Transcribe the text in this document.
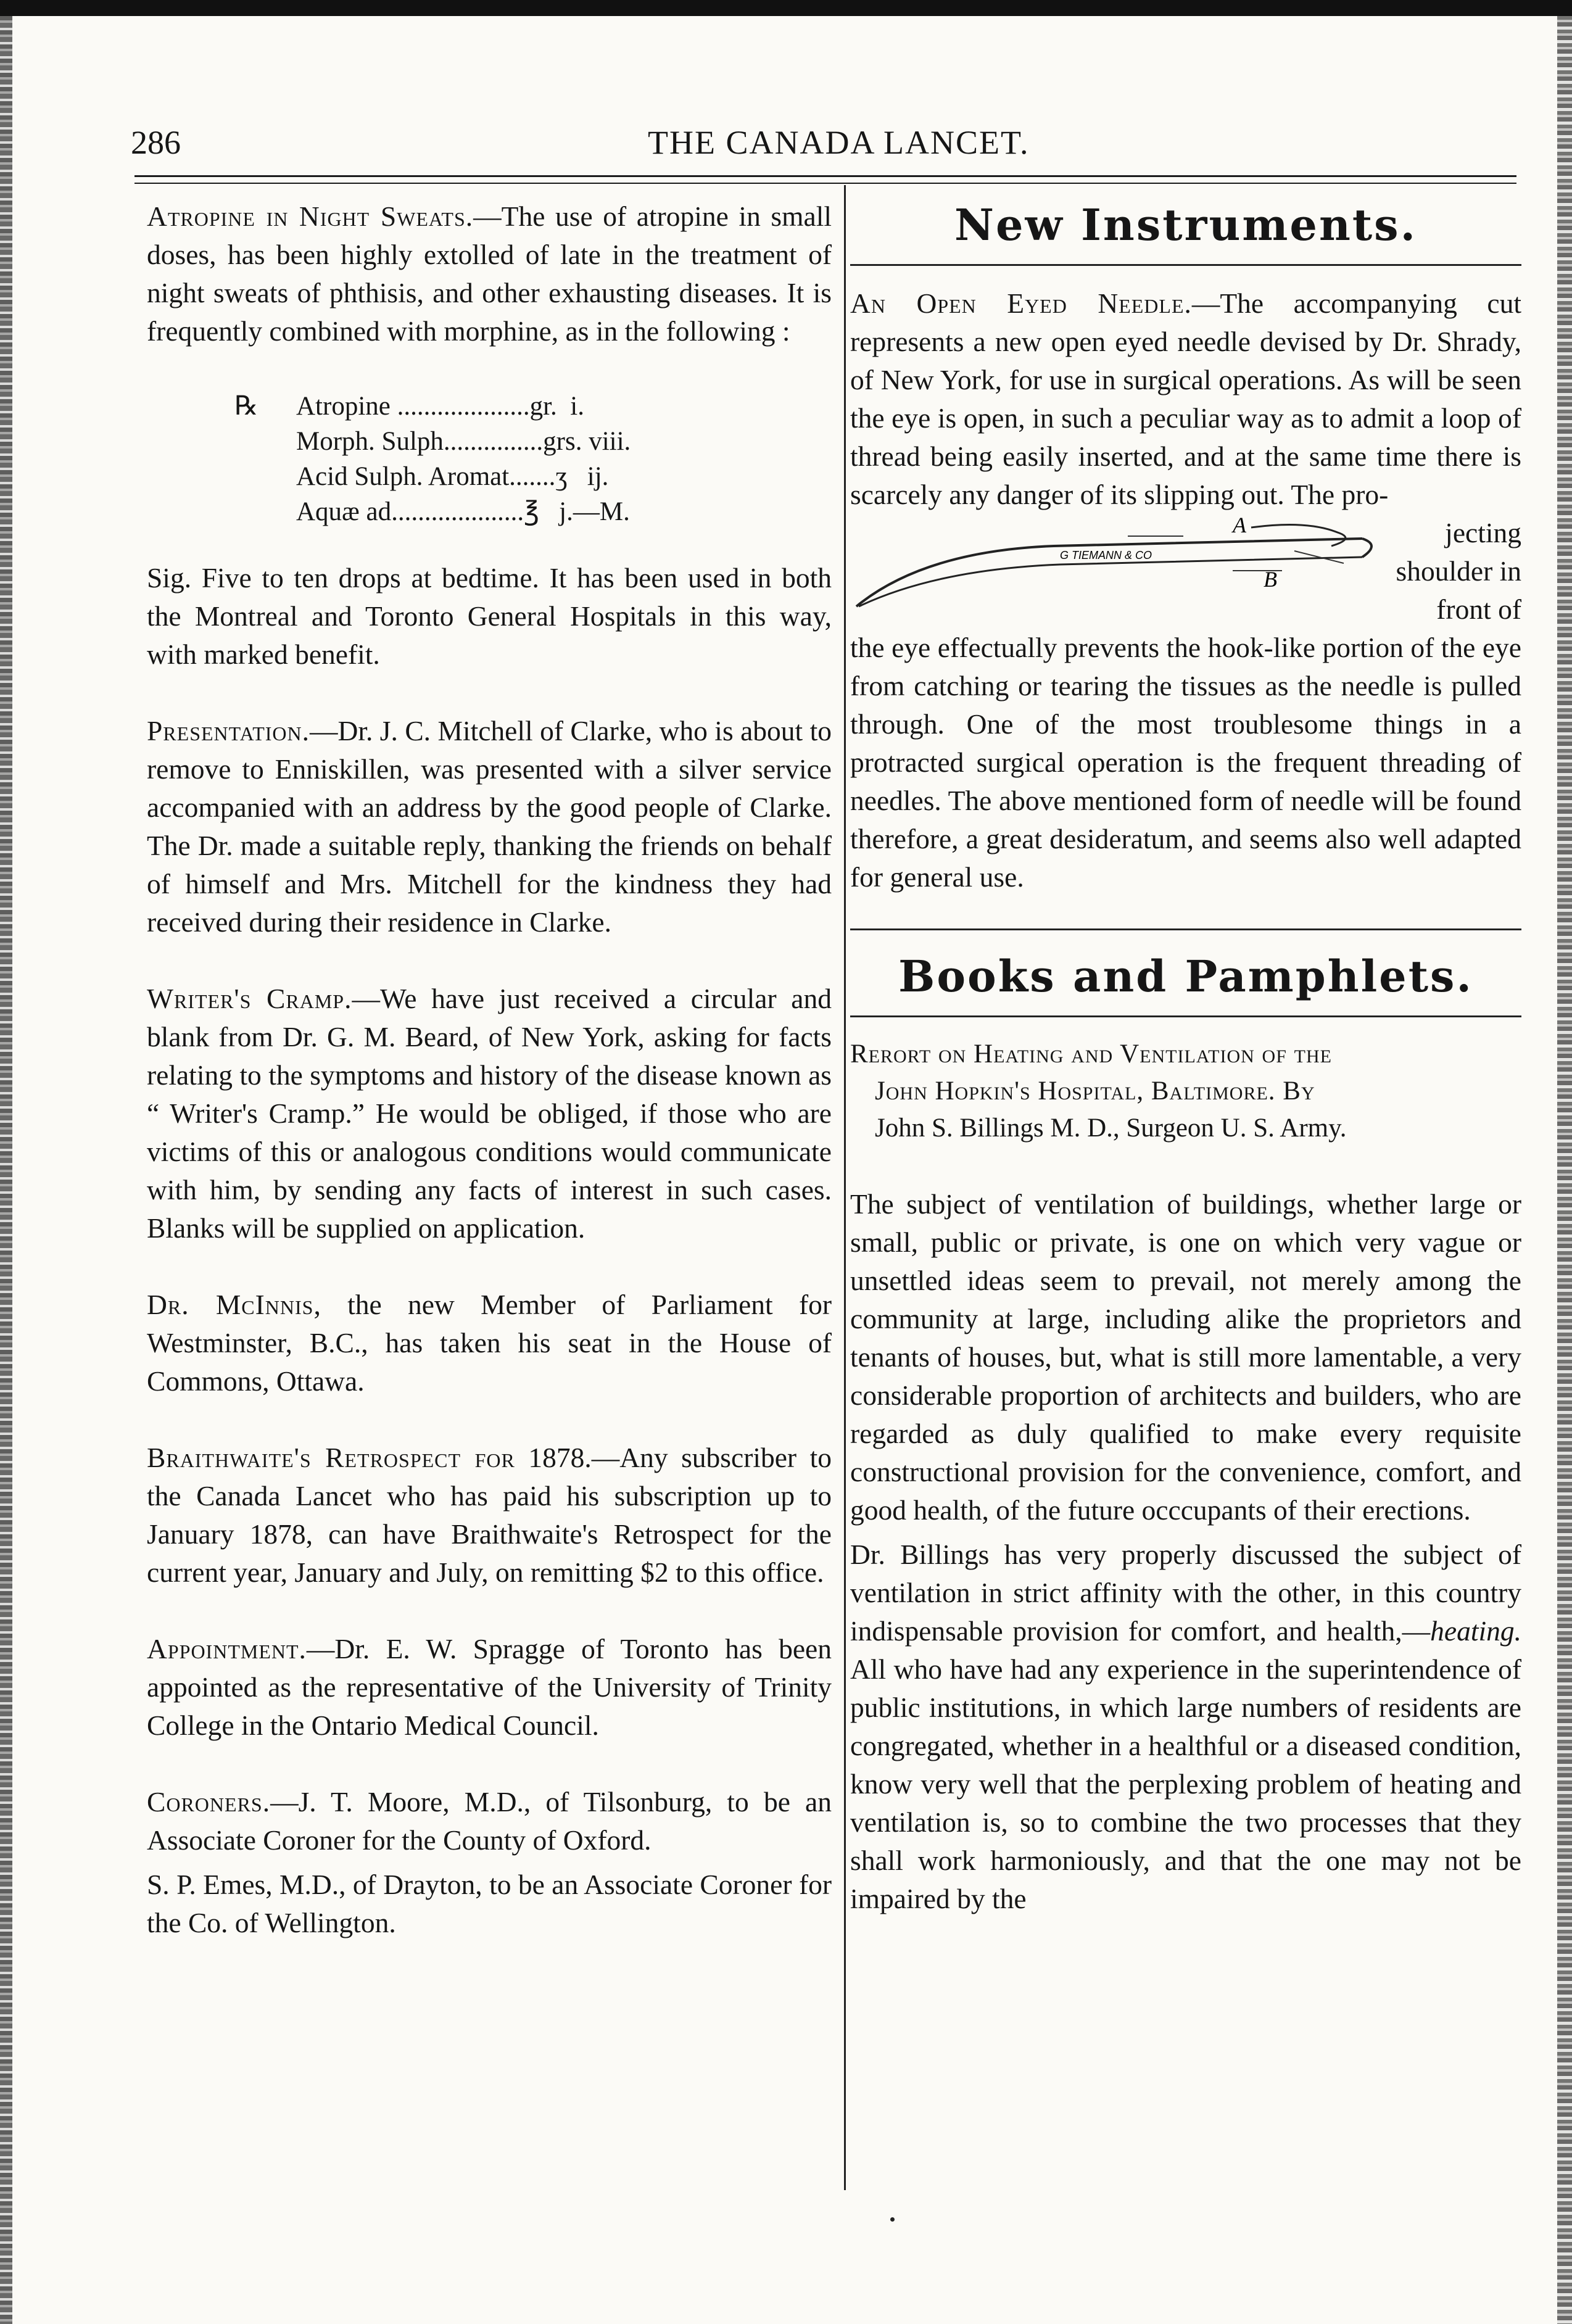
286	THE CANADA LANCET.

Atropine in Night Sweats.—The use of atropine in small doses, has been highly extolled of late in the treatment of night sweats of phthisis, and other exhausting diseases. It is frequently combined with morphine, as in the following :

℞	Atropine ....................gr.  i.
Morph. Sulph...............grs. viii.
Acid Sulph. Aromat.......ʒ   ij.
Aquæ ad....................℥   j.—M.

Sig. Five to ten drops at bedtime. It has been used in both the Montreal and Toronto General Hospitals in this way, with marked benefit.

Presentation.—Dr. J. C. Mitchell of Clarke, who is about to remove to Enniskillen, was presented with a silver service accompanied with an address by the good people of Clarke. The Dr. made a suitable reply, thanking the friends on behalf of himself and Mrs. Mitchell for the kindness they had received during their residence in Clarke.

Writer's Cramp.—We have just received a circular and blank from Dr. G. M. Beard, of New York, asking for facts relating to the symptoms and history of the disease known as “ Writer's Cramp.” He would be obliged, if those who are victims of this or analogous conditions would communicate with him, by sending any facts of interest in such cases. Blanks will be supplied on application.

Dr. McInnis, the new Member of Parliament for Westminster, B.C., has taken his seat in the House of Commons, Ottawa.

Braithwaite's Retrospect for 1878.—Any subscriber to the Canada Lancet who has paid his subscription up to January 1878, can have Braithwaite's Retrospect for the current year, January and July, on remitting $2 to this office.

Appointment.—Dr. E. W. Spragge of Toronto has been appointed as the representative of the University of Trinity College in the Ontario Medical Council.

Coroners.—J. T. Moore, M.D., of Tilsonburg, to be an Associate Coroner for the County of Oxford.

S. P. Emes, M.D., of Drayton, to be an Associate Coroner for the Co. of Wellington.

New Instruments.

An Open Eyed Needle.—The accompanying cut represents a new open eyed needle devised by Dr. Shrady, of New York, for use in surgical operations. As will be seen the eye is open, in such a peculiar way as to admit a loop of thread being easily inserted, and at the same time there is scarcely any danger of its slipping out. The pro-

A
B
G TIEMANN & CO
jecting shoulder in front of

the eye effectually prevents the hook-like portion of the eye from catching or tearing the tissues as the needle is pulled through. One of the most troublesome things in a protracted surgical operation is the frequent threading of needles. The above mentioned form of needle will be found therefore, a great desideratum, and seems also well adapted for general use.

Books and Pamphlets.
Rerort on Heating and Ventilation of the
John Hopkin's Hospital, Baltimore. By
John S. Billings M. D., Surgeon U. S. Army.

The subject of ventilation of buildings, whether large or small, public or private, is one on which very vague or unsettled ideas seem to prevail, not merely among the community at large, including alike the proprietors and tenants of houses, but, what is still more lamentable, a very considerable proportion of architects and builders, who are regarded as duly qualified to make every requisite constructional provision for the convenience, comfort, and good health, of the future occcupants of their erections.

Dr. Billings has very properly discussed the subject of ventilation in strict affinity with the other, in this country indispensable provision for comfort, and health,—heating. All who have had any experience in the superintendence of public institutions, in which large numbers of residents are congregated, whether in a healthful or a diseased condition, know very well that the perplexing problem of heating and ventilation is, so to combine the two processes that they shall work harmoniously, and that the one may not be impaired by the
